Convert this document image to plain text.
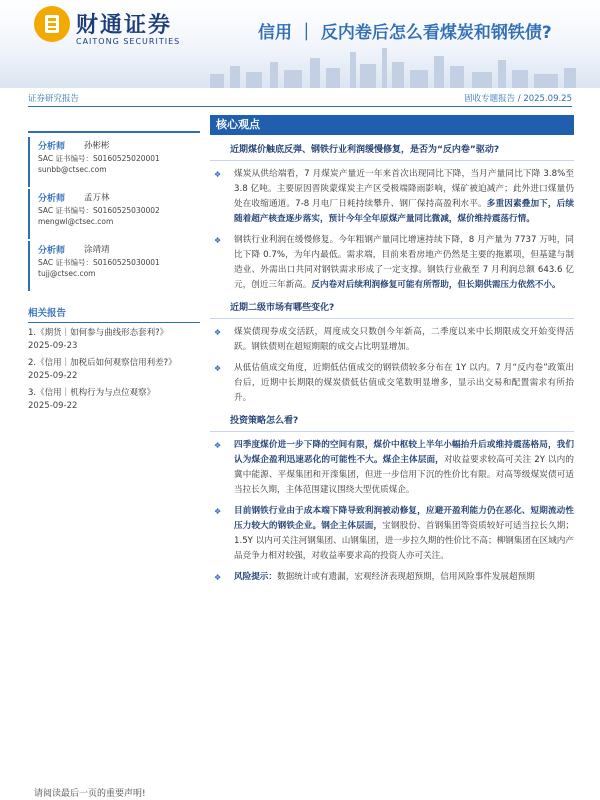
财通证券
CAITONG SECURITIES	信用 ｜ 反内卷后怎么看煤炭和钢铁债?
证券研究报告	固收专题报告 / 2025.09.25
分析师 孙彬彬
SAC 证书编号：S0160525020001
sunbb@ctsec.com
分析师 孟万林
SAC 证书编号：S0160525030002
mengwl@ctsec.com
分析师 涂靖靖
SAC 证书编号：S0160525030001
tujj@ctsec.com
相关报告
1.《期货｜如何参与曲线形态套利?》
2025-09-23
2.《信用｜加税后如何观察信用利差?》
2025-09-22
3.《信用｜机构行为与点位观察》
2025-09-22
核心观点
近期煤价触底反弹、钢铁行业利润缓慢修复，是否为“反内卷”驱动?
❖ 煤炭从供给端看，7 月煤炭产量近一年来首次出现同比下降，当月产量同比下降 3.8%至 3.8 亿吨。主要原因晋陕蒙煤炭主产区受极端降雨影响，煤矿被迫减产；此外进口煤量仍处在收缩通道。7-8 月电厂日耗持续攀升、钢厂保持高盈利水平。多重因素叠加下，后续随着超产核查逐步落实，预计今年全年原煤产量同比微减，煤价维持震荡行情。
❖ 钢铁行业利润在缓慢修复。今年粗钢产量同比增速持续下降，8 月产量为 7737 万吨，同比下降 0.7%，为年内最低。需求端，目前来看房地产仍然是主要的拖累项，但基建与制造业、外需出口共同对钢铁需求形成了一定支撑。钢铁行业截至 7 月利润总额 643.6 亿元，创近三年新高。反内卷对后续利润修复可能有所帮助，但长期供需压力依然不小。
近期二级市场有哪些变化?
❖ 煤炭债现券成交活跃，周度成交只数创今年新高，二季度以来中长期限成交开始变得活跃。钢铁债则在超短期限的成交占比明显增加。
❖ 从低估值成交角度，近期低估值成交的钢铁债较多分布在 1Y 以内。7 月“反内卷”政策出台后，近期中长期限的煤炭债低估值成交笔数明显增多，显示出交易和配置需求有所抬升。
投资策略怎么看?
❖ 四季度煤价进一步下降的空间有限，煤价中枢较上半年小幅抬升后或维持震荡格局，我们认为煤企盈利迅速恶化的可能性不大。煤企主体层面，对收益要求较高可关注 2Y 以内的冀中能源、平煤集团和开滦集团，但进一步信用下沉的性价比有限。对高等级煤炭债可适当拉长久期，主体范围建议围绕大型优质煤企。
❖ 目前钢铁行业由于成本端下降导致利润被动修复，应避开盈利能力仍在恶化、短期流动性压力较大的钢铁企业。钢企主体层面，宝钢股份、首钢集团等资质较好可适当拉长久期；1.5Y 以内可关注河钢集团、山钢集团，进一步拉久期的性价比不高；柳钢集团在区域内产品竞争力相对较强，对收益率要求高的投资人亦可关注。
❖ 风险提示：数据统计或有遗漏，宏观经济表现超预期，信用风险事件发展超预期
请阅读最后一页的重要声明!
